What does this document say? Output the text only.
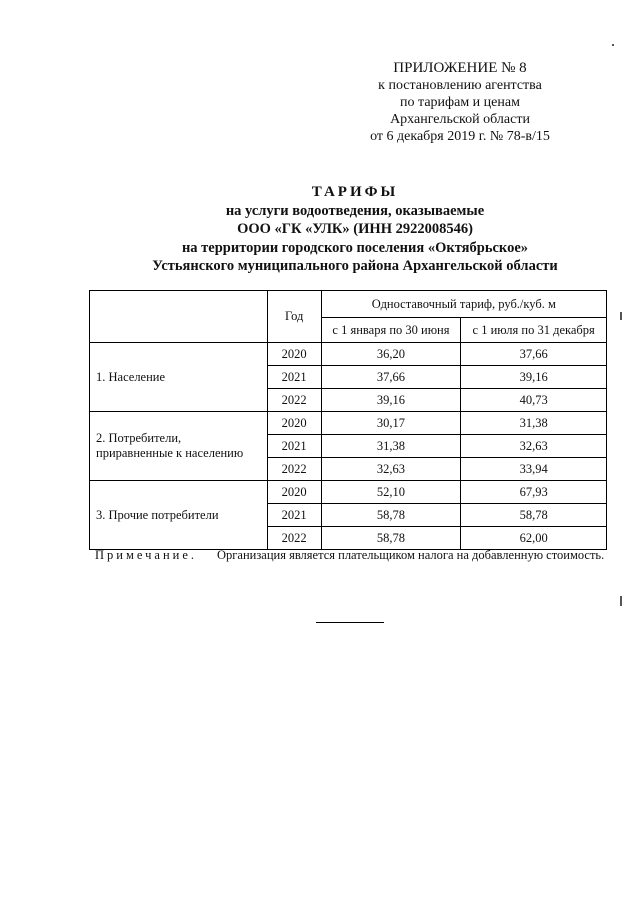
ПРИЛОЖЕНИЕ № 8
к постановлению агентства
по тарифам и ценам
Архангельской области
от 6 декабря 2019 г. № 78-в/15
ТАРИФЫ
на услуги водоотведения, оказываемые
ООО «ГК «УЛК» (ИНН 2922008546)
на территории городского поселения «Октябрьское»
Устьянского муниципального района Архангельской области
	Год	Одноставочный тариф, руб./куб. м	
		с 1 января по 30 июня	с 1 июля по 31 декабря
1. Население	2020	36,20	37,66
	2021	37,66	39,16
	2022	39,16	40,73
2. Потребители, приравненные к населению	2020	30,17	31,38
	2021	31,38	32,63
	2022	32,63	33,94
3. Прочие потребители	2020	52,10	67,93
	2021	58,78	58,78
	2022	58,78	62,00
Примечание. Организация является плательщиком налога на добавленную стоимость.
